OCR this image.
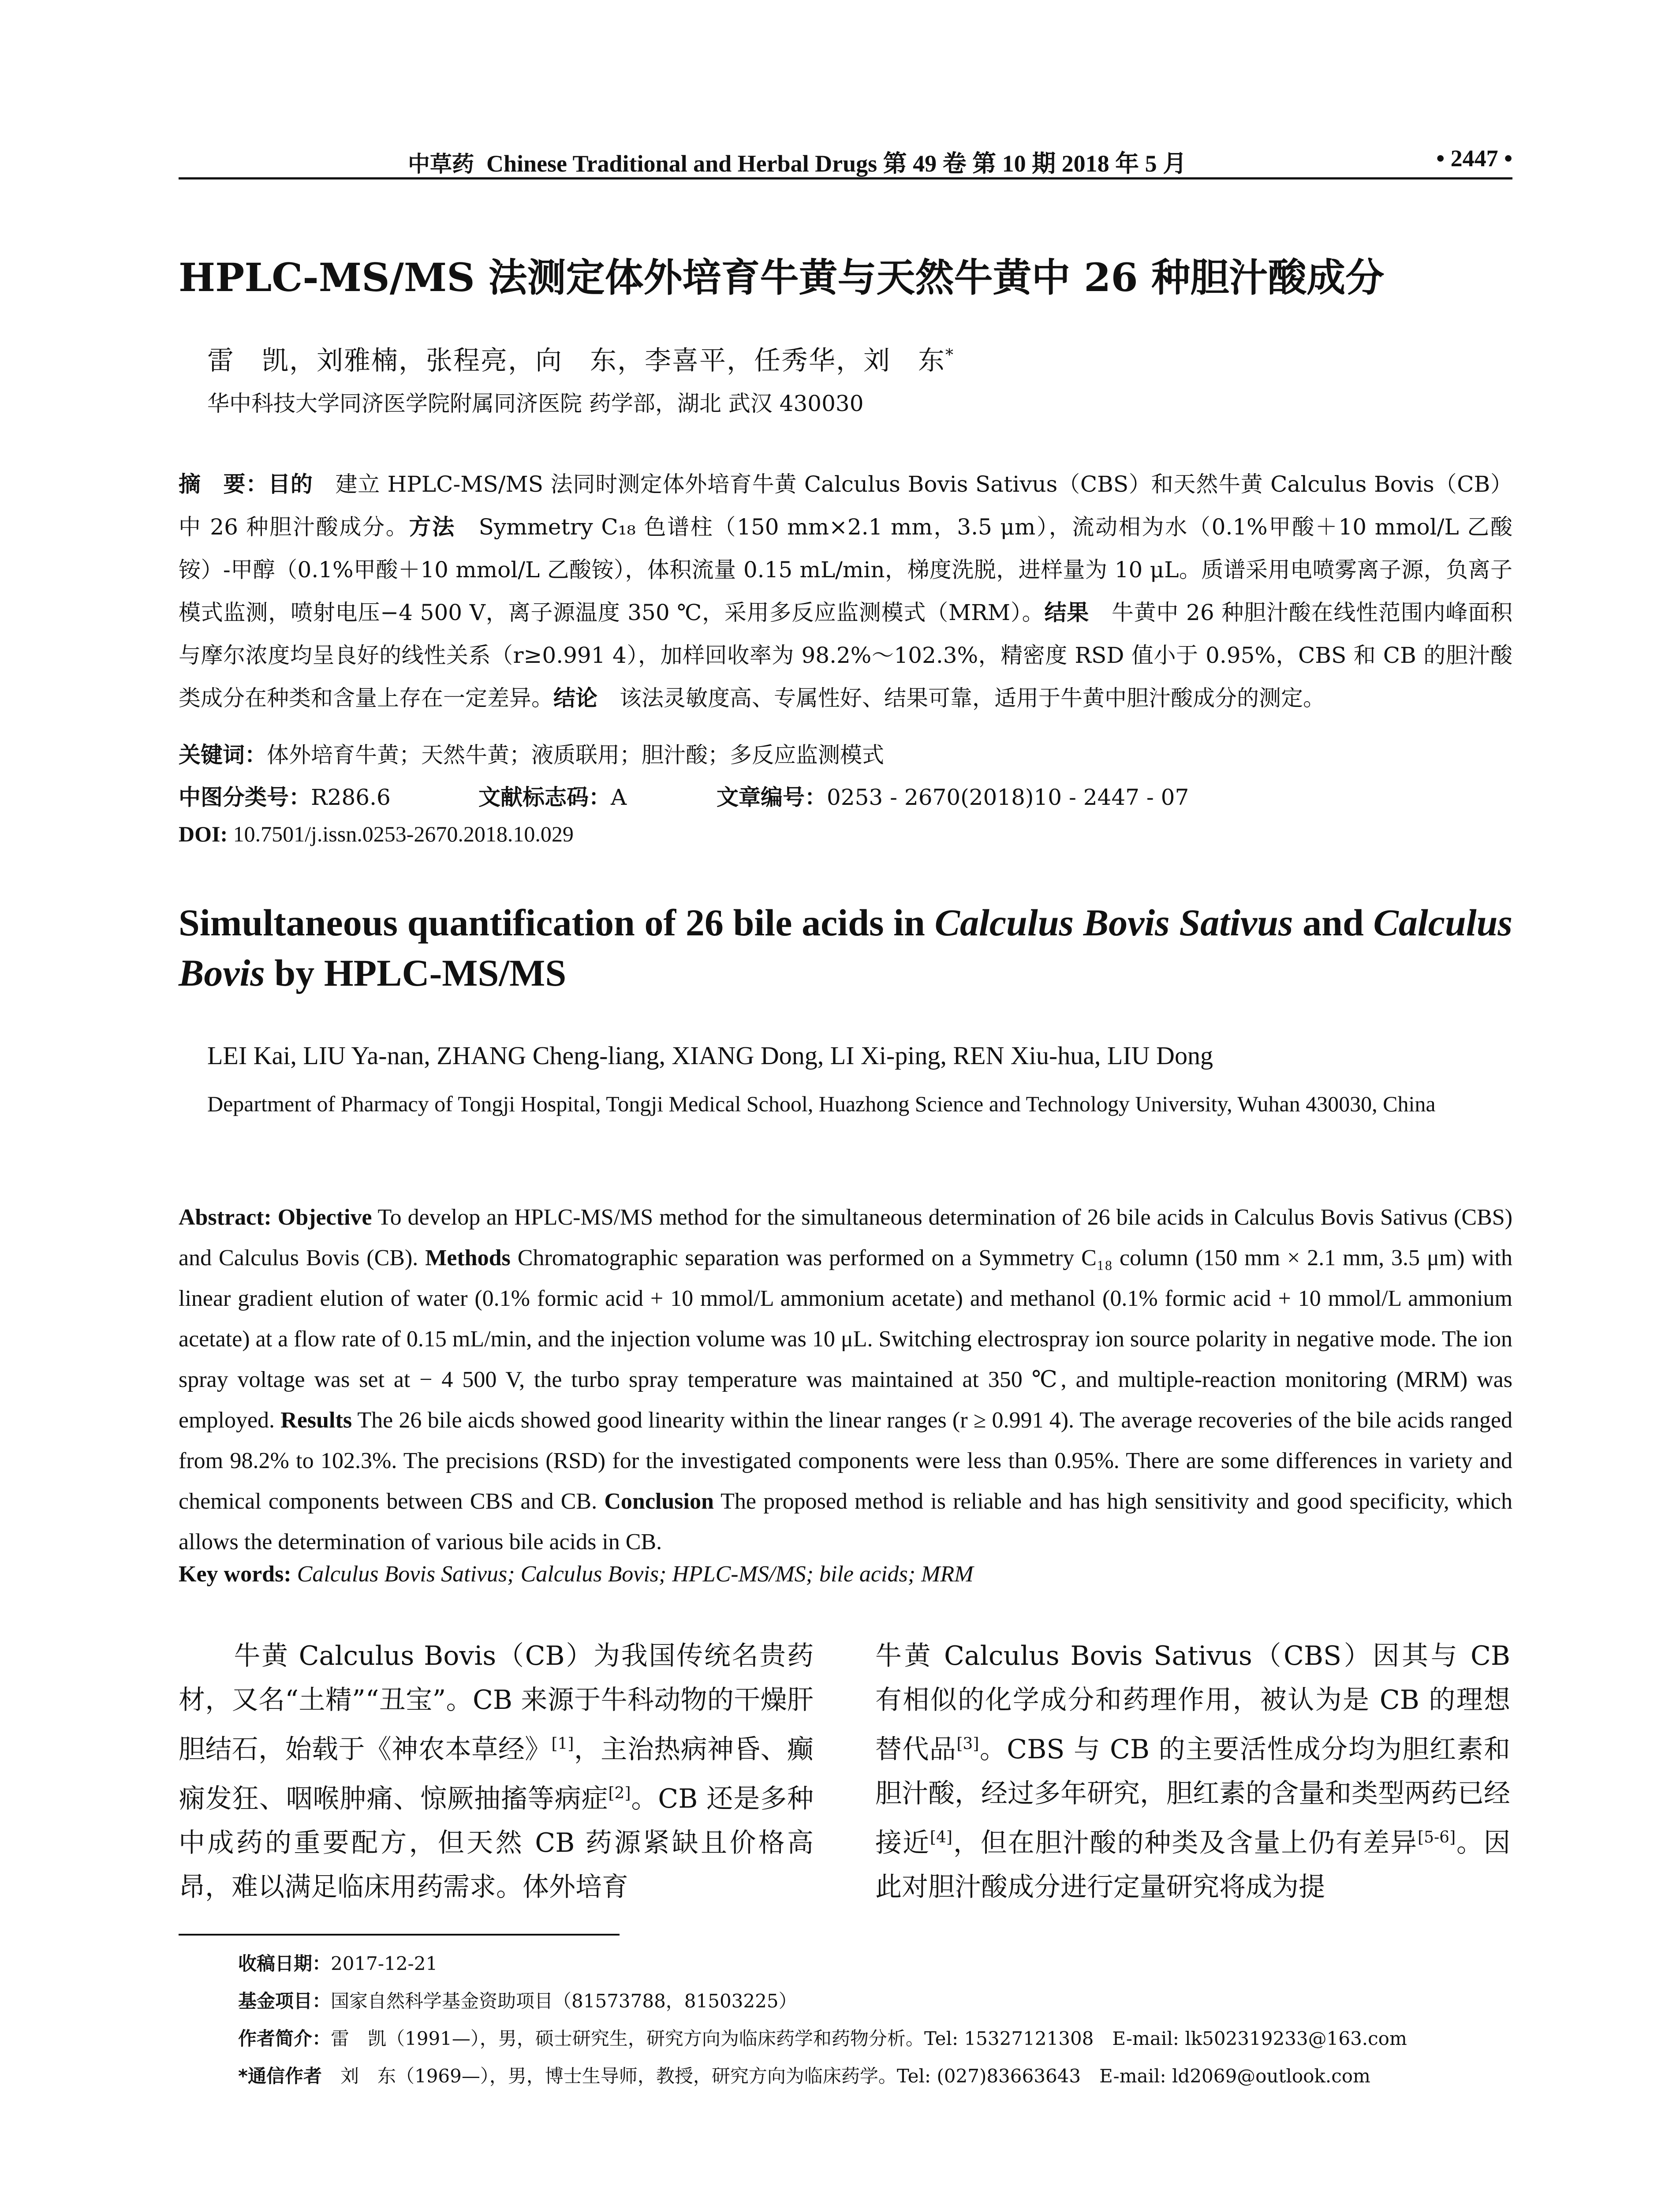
中草药 Chinese Traditional and Herbal Drugs 第 49 卷 第 10 期 2018 年 5 月	• 2447 •
HPLC-MS/MS 法测定体外培育牛黄与天然牛黄中 26 种胆汁酸成分
雷　凯，刘雅楠，张程亮，向　东，李喜平，任秀华，刘　东*
华中科技大学同济医学院附属同济医院 药学部，湖北 武汉 430030
摘　要：目的　建立 HPLC-MS/MS 法同时测定体外培育牛黄 Calculus Bovis Sativus（CBS）和天然牛黄 Calculus Bovis（CB）中 26 种胆汁酸成分。方法　Symmetry C₁₈ 色谱柱（150 mm×2.1 mm，3.5 μm），流动相为水（0.1%甲酸＋10 mmol/L 乙酸铵）-甲醇（0.1%甲酸＋10 mmol/L 乙酸铵），体积流量 0.15 mL/min，梯度洗脱，进样量为 10 μL。质谱采用电喷雾离子源，负离子模式监测，喷射电压−4 500 V，离子源温度 350 ℃，采用多反应监测模式（MRM）。结果　牛黄中 26 种胆汁酸在线性范围内峰面积与摩尔浓度均呈良好的线性关系（r≥0.991 4），加样回收率为 98.2%～102.3%，精密度 RSD 值小于 0.95%，CBS 和 CB 的胆汁酸类成分在种类和含量上存在一定差异。结论　该法灵敏度高、专属性好、结果可靠，适用于牛黄中胆汁酸成分的测定。
关键词：体外培育牛黄；天然牛黄；液质联用；胆汁酸；多反应监测模式
中图分类号：R286.6	文献标志码：A	文章编号：0253 - 2670(2018)10 - 2447 - 07
DOI: 10.7501/j.issn.0253-2670.2018.10.029
Simultaneous quantification of 26 bile acids in Calculus Bovis Sativus and Calculus Bovis by HPLC-MS/MS
LEI Kai, LIU Ya-nan, ZHANG Cheng-liang, XIANG Dong, LI Xi-ping, REN Xiu-hua, LIU Dong
Department of Pharmacy of Tongji Hospital, Tongji Medical School, Huazhong Science and Technology University, Wuhan 430030, China
Abstract: Objective To develop an HPLC-MS/MS method for the simultaneous determination of 26 bile acids in Calculus Bovis Sativus (CBS) and Calculus Bovis (CB). Methods Chromatographic separation was performed on a Symmetry C₁₈ column (150 mm × 2.1 mm, 3.5 μm) with linear gradient elution of water (0.1% formic acid + 10 mmol/L ammonium acetate) and methanol (0.1% formic acid + 10 mmol/L ammonium acetate) at a flow rate of 0.15 mL/min, and the injection volume was 10 μL. Switching electrospray ion source polarity in negative mode. The ion spray voltage was set at − 4 500 V, the turbo spray temperature was maintained at 350 ℃, and multiple-reaction monitoring (MRM) was employed. Results The 26 bile aicds showed good linearity within the linear ranges (r ≥ 0.991 4). The average recoveries of the bile acids ranged from 98.2% to 102.3%. The precisions (RSD) for the investigated components were less than 0.95%. There are some differences in variety and chemical components between CBS and CB. Conclusion The proposed method is reliable and has high sensitivity and good specificity, which allows the determination of various bile acids in CB.
Key words: Calculus Bovis Sativus; Calculus Bovis; HPLC-MS/MS; bile acids; MRM
　　牛黄 Calculus Bovis（CB）为我国传统名贵药材，又名“土精”“丑宝”。CB 来源于牛科动物的干燥肝胆结石，始载于《神农本草经》[1]，主治热病神昏、癫痫发狂、咽喉肿痛、惊厥抽搐等病症[2]。CB 还是多种中成药的重要配方，但天然 CB 药源紧缺且价格高昂，难以满足临床用药需求。体外培育
牛黄 Calculus Bovis Sativus（CBS）因其与 CB 有相似的化学成分和药理作用，被认为是 CB 的理想替代品[3]。CBS 与 CB 的主要活性成分均为胆红素和胆汁酸，经过多年研究，胆红素的含量和类型两药已经接近[4]，但在胆汁酸的种类及含量上仍有差异[5-6]。因此对胆汁酸成分进行定量研究将成为提
收稿日期：2017-12-21
基金项目：国家自然科学基金资助项目（81573788，81503225）
作者简介：雷　凯（1991—），男，硕士研究生，研究方向为临床药学和药物分析。Tel: 15327121308　E-mail: lk502319233@163.com
*通信作者　刘　东（1969—），男，博士生导师，教授，研究方向为临床药学。Tel: (027)83663643　E-mail: ld2069@outlook.com
